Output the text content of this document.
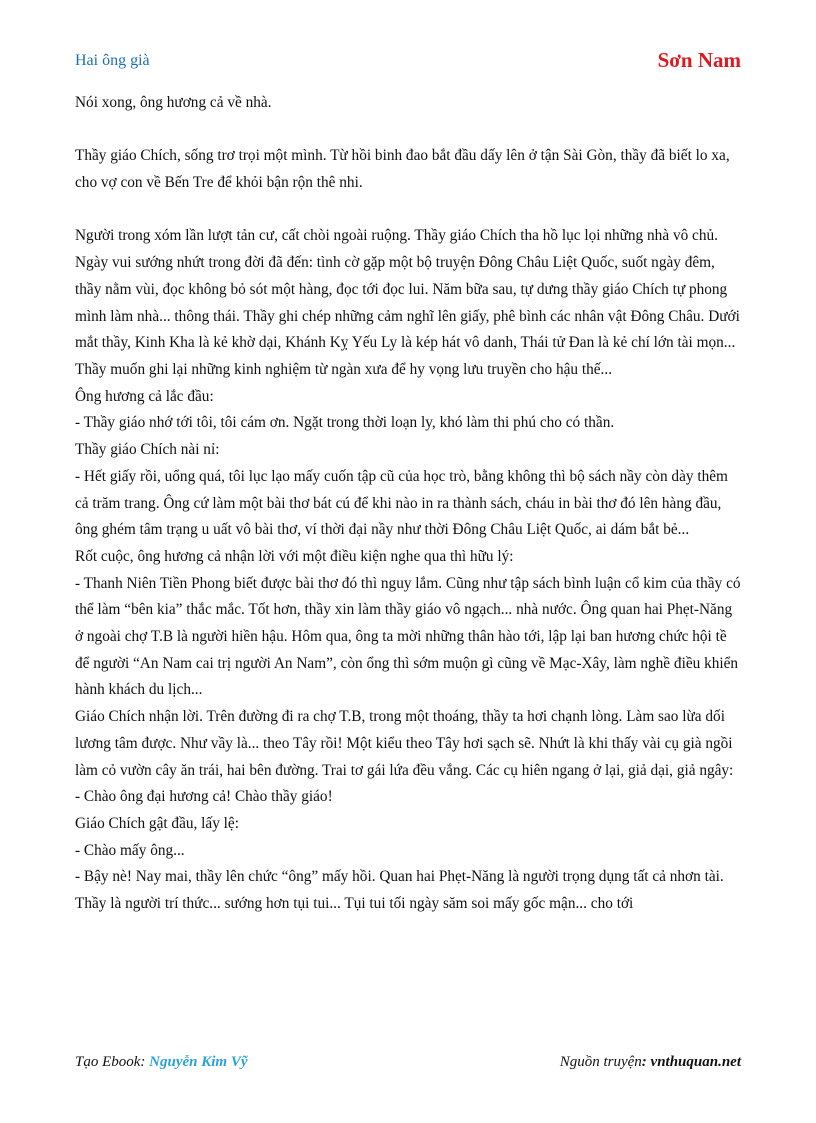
Hai ông già	Sơn Nam

Nói xong, ông hương cả về nhà.

Thầy giáo Chích, sống trơ trọi một mình. Từ hồi binh đao bắt đầu dấy lên ở tận Sài Gòn, thầy đã biết lo xa, cho vợ con về Bến Tre để khỏi bận rộn thê nhi.

Người trong xóm lần lượt tản cư, cất chòi ngoài ruộng. Thầy giáo Chích tha hồ lục lọi những nhà vô chủ. Ngày vui sướng nhứt trong đời đã đến: tình cờ gặp một bộ truyện Đông Châu Liệt Quốc, suốt ngày đêm, thầy nằm vùi, đọc không bỏ sót một hàng, đọc tới đọc lui. Năm bữa sau, tự dưng thầy giáo Chích tự phong mình làm nhà... thông thái. Thầy ghi chép những cảm nghĩ lên giấy, phê bình các nhân vật Đông Châu. Dưới mắt thầy, Kinh Kha là kẻ khờ dại, Khánh Kỵ Yếu Ly là kép hát vô danh, Thái tử Đan là kẻ chí lớn tài mọn... Thầy muốn ghi lại những kinh nghiệm từ ngàn xưa để hy vọng lưu truyền cho hậu thế...

Ông hương cả lắc đầu:

- Thầy giáo nhớ tới tôi, tôi cám ơn. Ngặt trong thời loạn ly, khó làm thi phú cho có thần.

Thầy giáo Chích nài nỉ:

- Hết giấy rồi, uổng quá, tôi lục lạo mấy cuốn tập cũ của học trò, bằng không thì bộ sách nầy còn dày thêm cả trăm trang. Ông cứ làm một bài thơ bát cú để khi nào in ra thành sách, cháu in bài thơ đó lên hàng đầu, ông ghém tâm trạng u uất vô bài thơ, ví thời đại nầy như thời Đông Châu Liệt Quốc, ai dám bắt bẻ...

Rốt cuộc, ông hương cả nhận lời với một điều kiện nghe qua thì hữu lý:

- Thanh Niên Tiền Phong biết được bài thơ đó thì nguy lắm. Cũng như tập sách bình luận cổ kim của thầy có thể làm “bên kia” thắc mắc. Tốt hơn, thầy xin làm thầy giáo vô ngạch... nhà nước. Ông quan hai Phẹt-Năng ở ngoài chợ T.B là người hiền hậu. Hôm qua, ông ta mời những thân hào tới, lập lại ban hương chức hội tề để người “An Nam cai trị người An Nam”, còn ổng thì sớm muộn gì cũng về Mạc-Xây, làm nghề điều khiển hành khách du lịch...

Giáo Chích nhận lời. Trên đường đi ra chợ T.B, trong một thoáng, thầy ta hơi chạnh lòng. Làm sao lừa dối lương tâm được. Như vầy là... theo Tây rồi! Một kiểu theo Tây hơi sạch sẽ. Nhứt là khi thấy vài cụ già ngồi làm cỏ vườn cây ăn trái, hai bên đường. Trai tơ gái lứa đều vắng. Các cụ hiên ngang ở lại, giả dại, giả ngây:

- Chào ông đại hương cả! Chào thầy giáo!

Giáo Chích gật đầu, lấy lệ:

- Chào mấy ông...

- Bậy nè! Nay mai, thầy lên chức “ông” mấy hồi. Quan hai Phẹt-Năng là người trọng dụng tất cả nhơn tài. Thầy là người trí thức... sướng hơn tụi tui... Tụi tui tối ngày săm soi mấy gốc mận... cho tới

Tạo Ebook: Nguyễn Kim Vỹ	Nguồn truyện: vnthuquan.net
